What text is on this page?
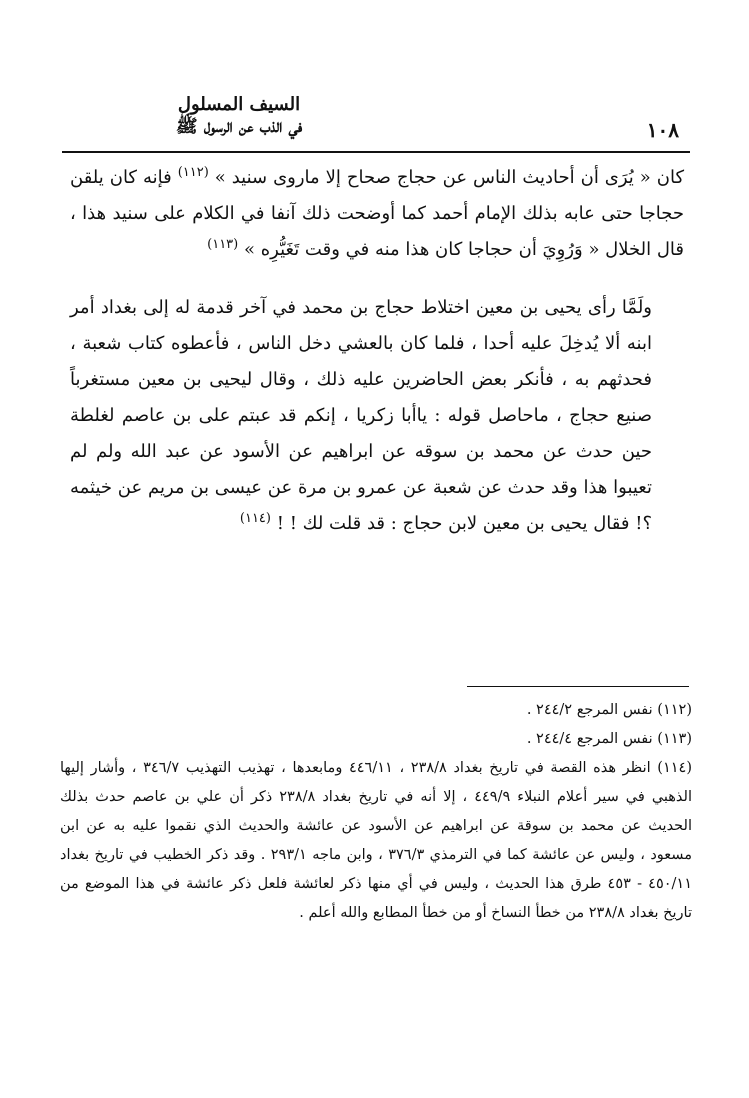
السيف المسلول
في الذب عن الرسول ﷺ	١٠٨

كان « يُرَى أن أحاديث الناس عن حجاج صحاح إلا ماروى سنيد » $^{(١١٢)}$ فإنه كان يلقن حجاجا حتى عابه بذلك الإمام أحمد كما أوضحت ذلك آنفا في الكلام على سنيد هذا ، قال الخلال « وَرُوِيَ أن حجاجا كان هذا منه في وقت تَغَيُّرِه » $^{(١١٣)}$

ولَمَّا رأى يحيى بن معين اختلاط حجاج بن محمد في آخر قدمة له إلى بغداد أمر ابنه ألا يُدخِلَ عليه أحدا ، فلما كان بالعشي دخل الناس ، فأعطوه كتاب شعبة ، فحدثهم به ، فأنكر بعض الحاضرين عليه ذلك ، وقال ليحيى بن معين مستغرباً صنيع حجاج ، ماحاصل قوله : ياأبا زكريا ، إنكم قد عبتم على بن عاصم لغلطة حين حدث عن محمد بن سوقه عن ابراهيم عن الأسود عن عبد الله ولم لم تعيبوا هذا وقد حدث عن شعبة عن عمرو بن مرة عن عيسى بن مريم عن خيثمه ؟! فقال يحيى بن معين لابن حجاج : قد قلت لك ! ! $^{(١١٤)}$

(١١٢) نفس المرجع ٢٤٤/٢ .

(١١٣) نفس المرجع ٢٤٤/٤ .

(١١٤) انظر هذه القصة في تاريخ بغداد ٢٣٨/٨ ، ٤٤٦/١١ ومابعدها ، تهذيب التهذيب ٣٤٦/٧ ، وأشار إليها الذهبي في سير أعلام النبلاء ٤٤٩/٩ ، إلا أنه في تاريخ بغداد ٢٣٨/٨ ذكر أن علي بن عاصم حدث بذلك الحديث عن محمد بن سوقة عن ابراهيم عن الأسود عن عائشة والحديث الذي نقموا عليه به عن ابن مسعود ، وليس عن عائشة كما في الترمذي ٣٧٦/٣ ، وابن ماجه ٢٩٣/١ . وقد ذكر الخطيب في تاريخ بغداد ٤٥٠/١١ - ٤٥٣ طرق هذا الحديث ، وليس في أي منها ذكر لعائشة فلعل ذكر عائشة في هذا الموضع من تاريخ بغداد ٢٣٨/٨ من خطأ النساخ أو من خطأ المطابع والله أعلم .
